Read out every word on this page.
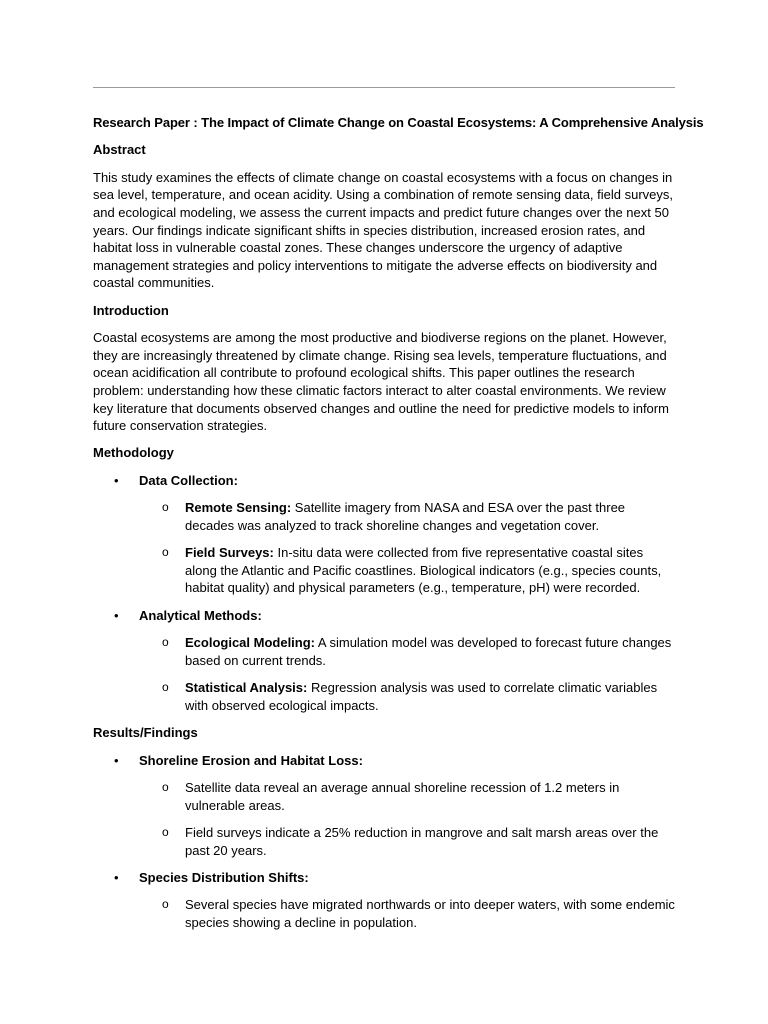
Research Paper : The Impact of Climate Change on Coastal Ecosystems: A Comprehensive Analysis
Abstract
This study examines the effects of climate change on coastal ecosystems with a focus on changes in sea level, temperature, and ocean acidity. Using a combination of remote sensing data, field surveys, and ecological modeling, we assess the current impacts and predict future changes over the next 50 years. Our findings indicate significant shifts in species distribution, increased erosion rates, and habitat loss in vulnerable coastal zones. These changes underscore the urgency of adaptive management strategies and policy interventions to mitigate the adverse effects on biodiversity and coastal communities.
Introduction
Coastal ecosystems are among the most productive and biodiverse regions on the planet. However, they are increasingly threatened by climate change. Rising sea levels, temperature fluctuations, and ocean acidification all contribute to profound ecological shifts. This paper outlines the research problem: understanding how these climatic factors interact to alter coastal environments. We review key literature that documents observed changes and outline the need for predictive models to inform future conservation strategies.
Methodology
• Data Collection:
o Remote Sensing: Satellite imagery from NASA and ESA over the past three decades was analyzed to track shoreline changes and vegetation cover.
o Field Surveys: In-situ data were collected from five representative coastal sites along the Atlantic and Pacific coastlines. Biological indicators (e.g., species counts, habitat quality) and physical parameters (e.g., temperature, pH) were recorded.
• Analytical Methods:
o Ecological Modeling: A simulation model was developed to forecast future changes based on current trends.
o Statistical Analysis: Regression analysis was used to correlate climatic variables with observed ecological impacts.
Results/Findings
• Shoreline Erosion and Habitat Loss:
o Satellite data reveal an average annual shoreline recession of 1.2 meters in vulnerable areas.
o Field surveys indicate a 25% reduction in mangrove and salt marsh areas over the past 20 years.
• Species Distribution Shifts:
o Several species have migrated northwards or into deeper waters, with some endemic species showing a decline in population.
